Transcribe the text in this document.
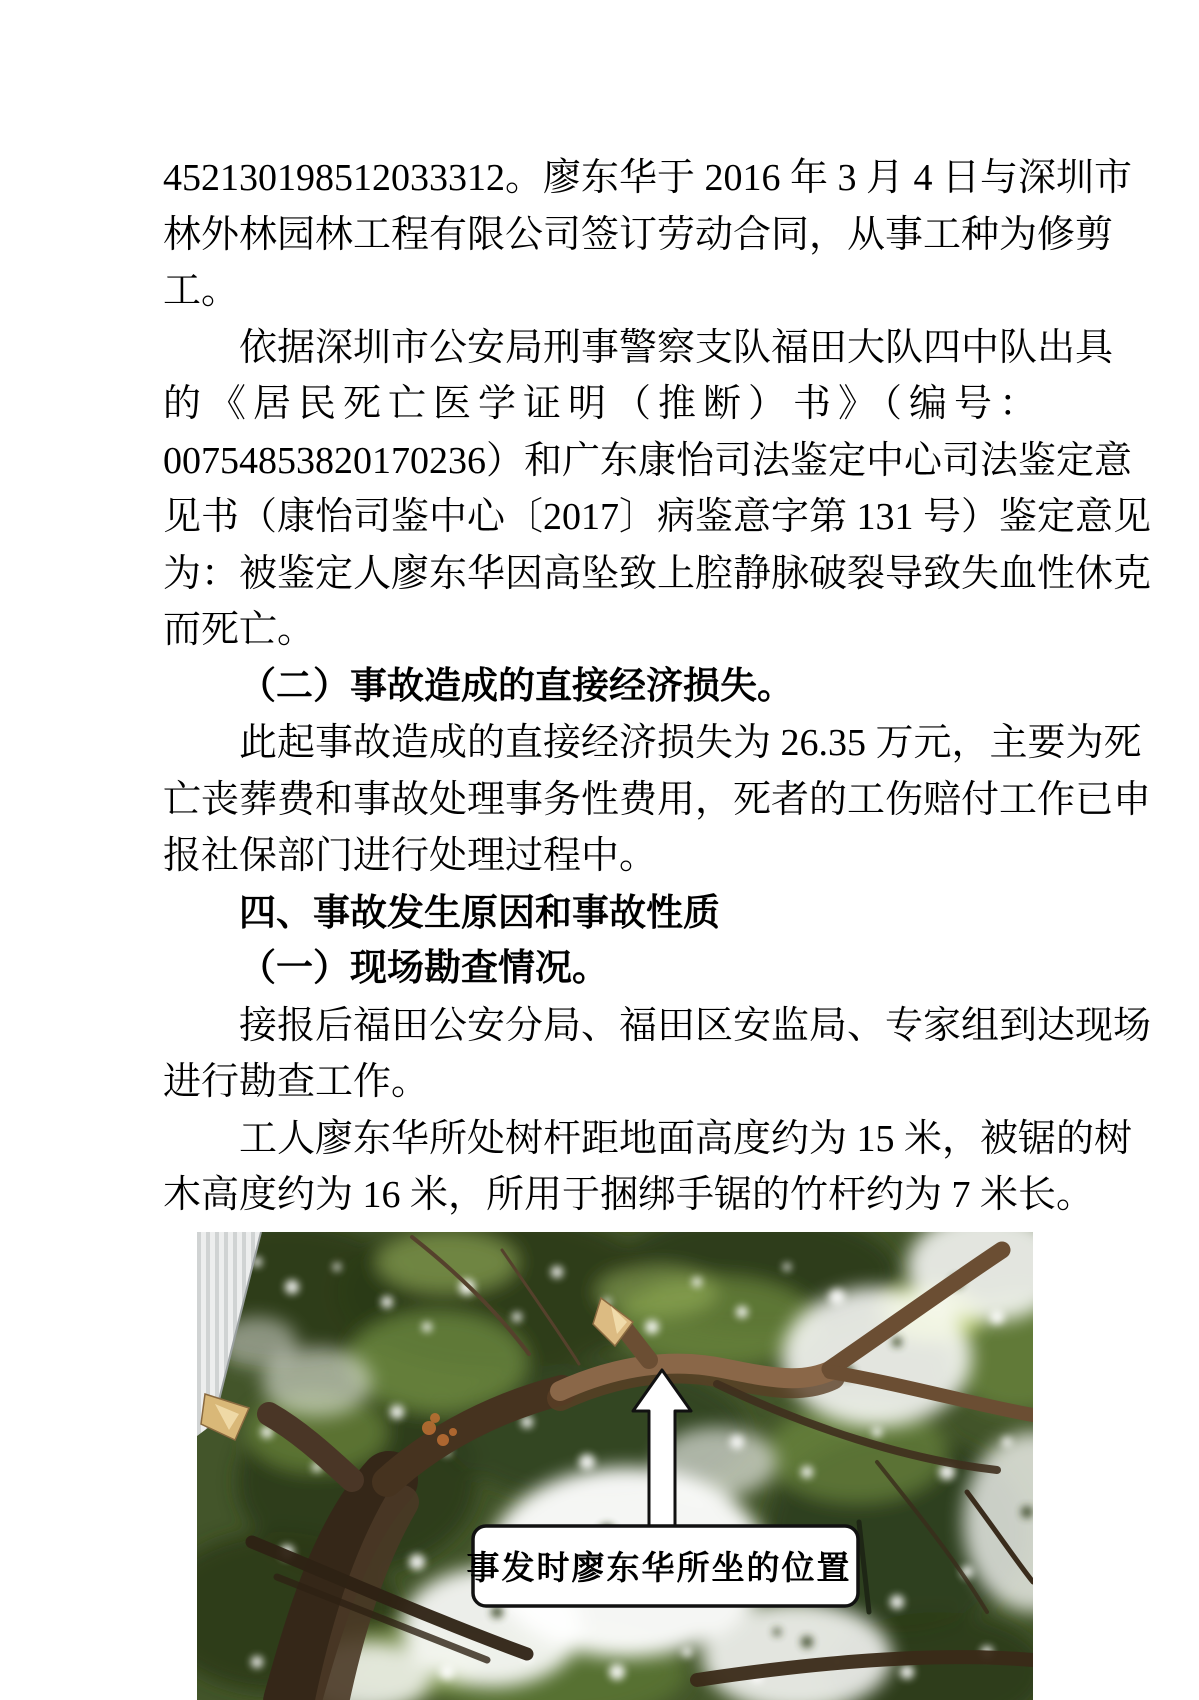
452130198512033312。廖东华于 2016 年 3 月 4 日与深圳市
林外林园林工程有限公司签订劳动合同，从事工种为修剪
工。
依据深圳市公安局刑事警察支队福田大队四中队出具
的《居民死亡医学证明（推断）书》（编号：
00754853820170236）和广东康怡司法鉴定中心司法鉴定意
见书（康怡司鉴中心〔2017〕病鉴意字第 131 号）鉴定意见
为：被鉴定人廖东华因高坠致上腔静脉破裂导致失血性休克
而死亡。
（二）事故造成的直接经济损失。
此起事故造成的直接经济损失为 26.35 万元，主要为死
亡丧葬费和事故处理事务性费用，死者的工伤赔付工作已申
报社保部门进行处理过程中。
四、事故发生原因和事故性质
（一）现场勘查情况。
接报后福田公安分局、福田区安监局、专家组到达现场
进行勘查工作。
工人廖东华所处树杆距地面高度约为 15 米，被锯的树
木高度约为 16 米，所用于捆绑手锯的竹杆约为 7 米长。
事发时廖东华所坐的位置
